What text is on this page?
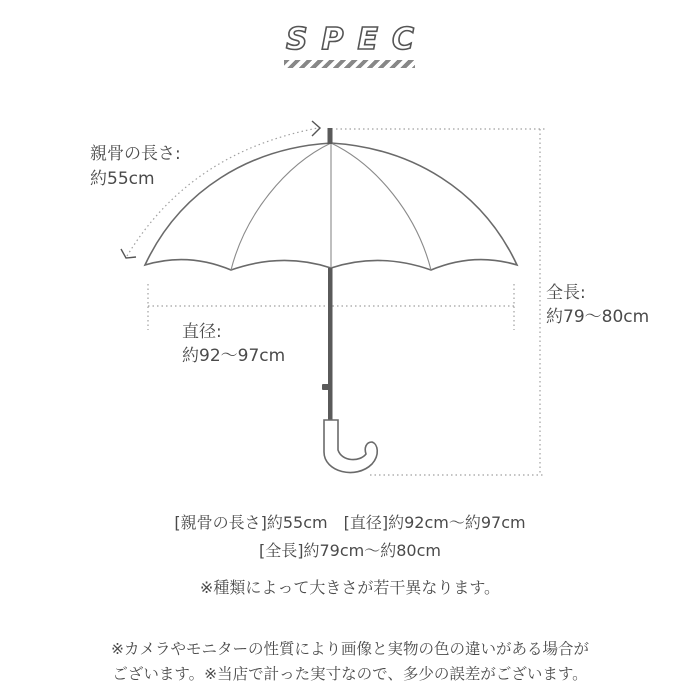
SPEC
親骨の長さ:
約55cm
直径:
約92～97cm
全長:
約79～80cm
[親骨の長さ]約55cm　[直径]約92cm～約97cm
[全長]約79cm～約80cm
※種類によって大きさが若干異なります。
※カメラやモニターの性質により画像と実物の色の違いがある場合が
ございます。※当店で計った実寸なので、多少の誤差がございます。
